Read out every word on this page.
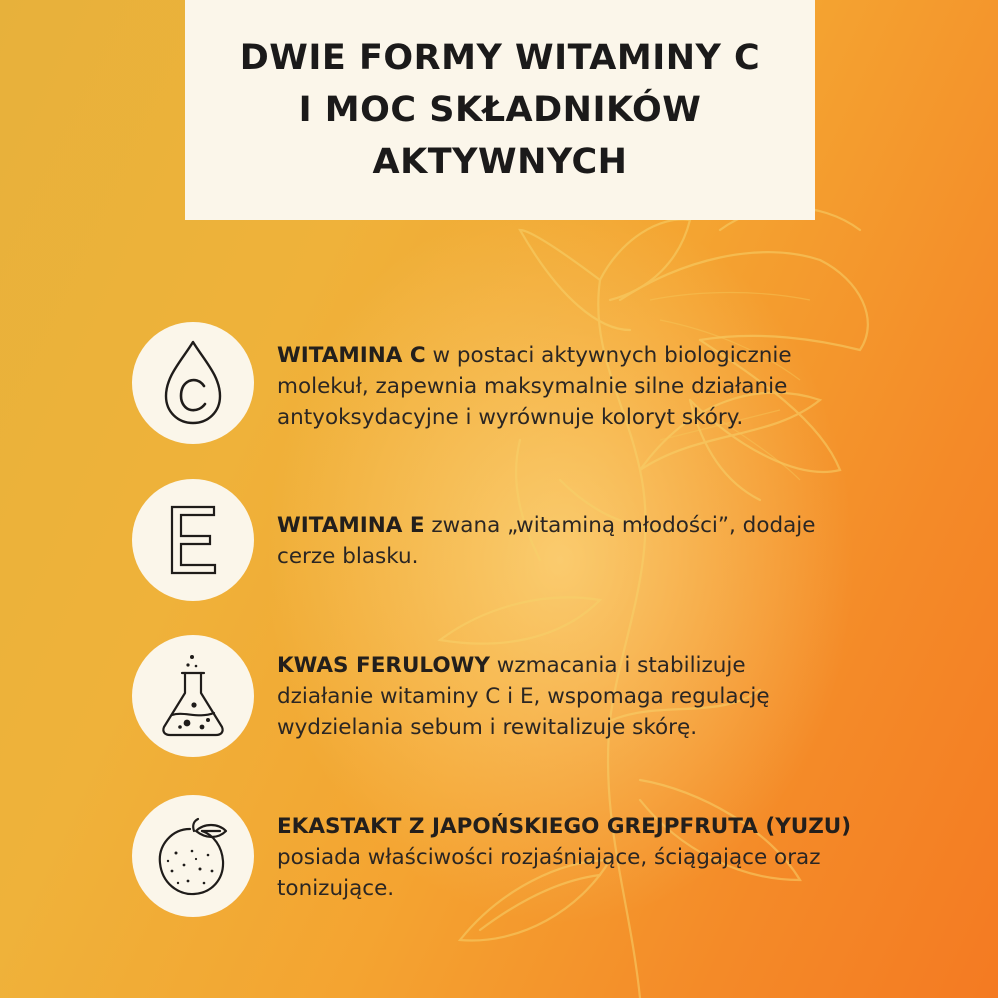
DWIE FORMY WITAMINY C
I MOC SKŁADNIKÓW
AKTYWNYCH
WITAMINA C w postaci aktywnych biologicznie
molekuł, zapewnia maksymalnie silne działanie
antyoksydacyjne i wyrównuje koloryt skóry.
WITAMINA E zwana „witaminą młodości”, dodaje
cerze blasku.
KWAS FERULOWY wzmacania i stabilizuje
działanie witaminy C i E, wspomaga regulację
wydzielania sebum i rewitalizuje skórę.
EKASTAKT Z JAPOŃSKIEGO GREJPFRUTA (YUZU)
posiada właściwości rozjaśniające, ściągające oraz
tonizujące.
